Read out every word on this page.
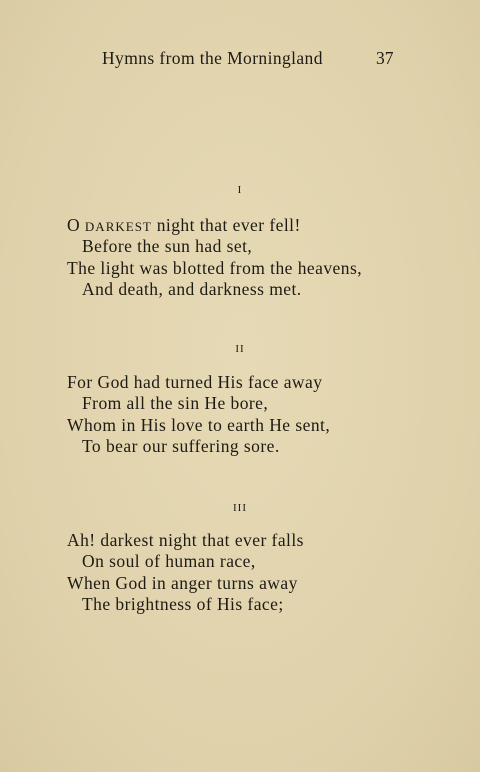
Hymns from the Morningland	37
I
O DARKEST night that ever fell!
Before the sun had set,
The light was blotted from the heavens,
And death, and darkness met.
II
For God had turned His face away
From all the sin He bore,
Whom in His love to earth He sent,
To bear our suffering sore.
III
Ah! darkest night that ever falls
On soul of human race,
When God in anger turns away
The brightness of His face;
